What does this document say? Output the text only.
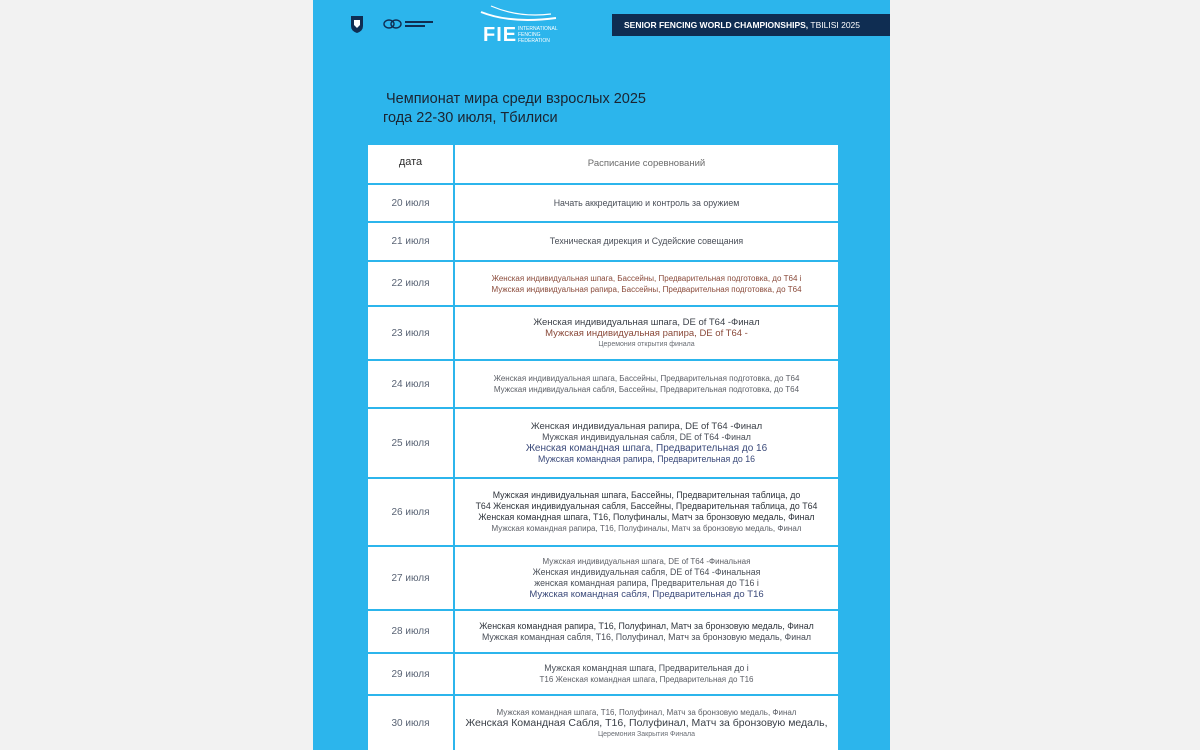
FIE INTERNATIONAL FENCING FEDERATION
SENIOR FENCING WORLD CHAMPIONSHIPS, TBILISI 2025
Чемпионат мира среди взрослых 2025
года 22-30 июля, Тбилиси
дата	Расписание соревнований
20 июля	Начать аккредитацию и контроль за оружием
21 июля	Техническая дирекция и Судейские совещания
22 июля	Женская индивидуальная шпага, Бассейны, Предварительная подготовка, до T64 i
Мужская индивидуальная рапира, Бассейны, Предварительная подготовка, до T64
23 июля
Женская индивидуальная шпага, DE of T64 -Финал
Мужская индивидуальная рапира, DE of T64 -
Церемония открытия финала
24 июля	Женская индивидуальная шпага, Бассейны, Предварительная подготовка, до T64
Мужская индивидуальная сабля, Бассейны, Предварительная подготовка, до T64
25 июля
Женская индивидуальная рапира, DE of T64 -Финал
Мужская индивидуальная сабля, DE of T64 -Финал
Женская командная шпага, Предварительная до 16
Мужская командная рапира, Предварительная до 16
26 июля
Мужская индивидуальная шпага, Бассейны, Предварительная таблица, до
T64 Женская индивидуальная сабля, Бассейны, Предварительная таблица, до T64
Женская командная шпага, T16, Полуфиналы, Матч за бронзовую медаль, Финал
Мужская командная рапира, T16, Полуфиналы, Матч за бронзовую медаль, Финал
27 июля
Мужская индивидуальная шпага, DE of T64 -Финальная
Женская индивидуальная сабля, DE of T64 -Финальная
женская командная рапира, Предварительная до T16 i
Мужская командная сабля, Предварительная до T16
28 июля
Женская командная рапира, T16, Полуфинал, Матч за бронзовую медаль, Финал
Мужская командная сабля, T16, Полуфинал, Матч за бронзовую медаль, Финал
29 июля
Мужская командная шпага, Предварительная до i
T16 Женская командная шпага, Предварительная до T16
30 июля
Мужская командная шпага, T16, Полуфинал, Матч за бронзовую медаль, Финал
Женская Командная Сабля, T16, Полуфинал, Матч за бронзовую медаль,
Церемония Закрытия Финала
